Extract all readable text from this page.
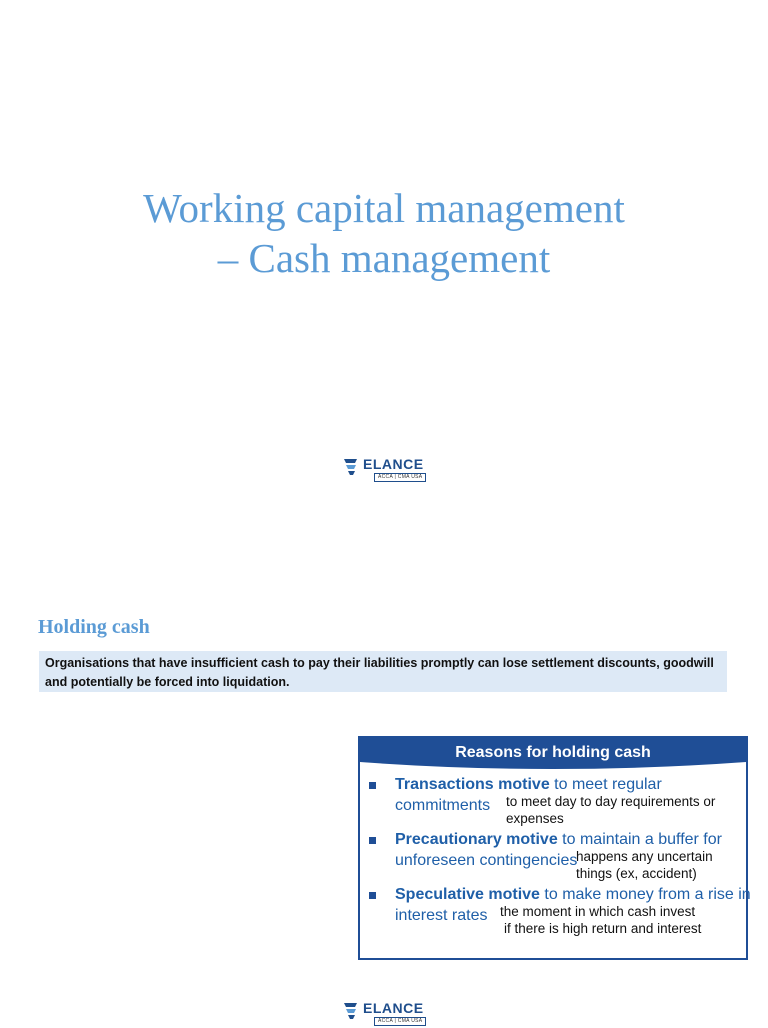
Working capital management
– Cash management
ELANCE
ACCA | CMA USA
Holding cash
Organisations that have insufficient cash to pay their liabilities promptly can lose settlement discounts, goodwill
and potentially be forced into liquidation.
Reasons for holding cash
Transactions motive to meet regular
commitments to meet day to day requirements or
expenses
Precautionary motive to maintain a buffer for
unforeseen contingencies
happens any uncertain
things (ex, accident)
Speculative motive to make money from a rise in
interest rates the moment in which cash invest
if there is high return and interest
ELANCE
ACCA | CMA USA
